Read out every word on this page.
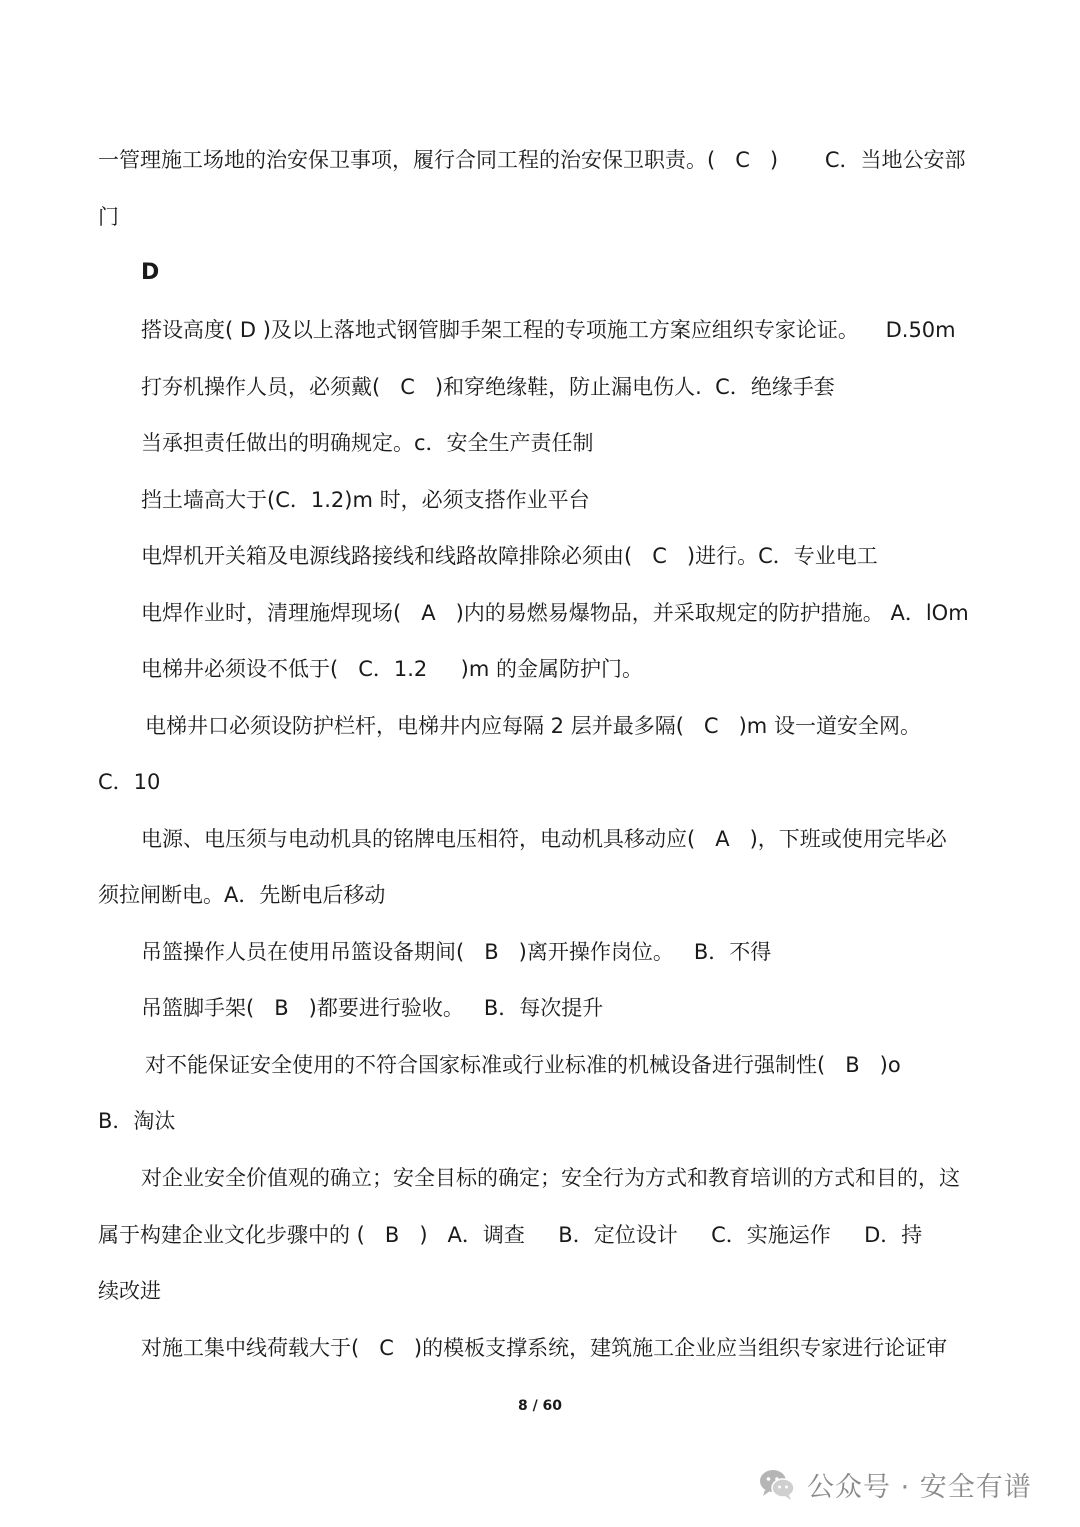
一管理施工场地的治安保卫事项，履行合同工程的治安保卫职责。(   C   )       C．当地公安部

门

D

搭设高度( D )及以上落地式钢管脚手架工程的专项施工方案应组织专家论证。    D.50m

打夯机操作人员，必须戴(   C   )和穿绝缘鞋，防止漏电伤人.  C．绝缘手套

当承担责任做出的明确规定。c．安全生产责任制

挡土墙高大于(C．1.2)m 时，必须支搭作业平台

电焊机开关箱及电源线路接线和线路故障排除必须由(   C   )进行。C．专业电工

电焊作业时，清理施焊现场(   A   )内的易燃易爆物品，并采取规定的防护措施。 A．lOm

电梯井必须设不低于(   C．1.2     )m 的金属防护门。

电梯井口必须设防护栏杆，电梯井内应每隔 2 层并最多隔(   C   )m 设一道安全网。

C．10

电源、电压须与电动机具的铭牌电压相符，电动机具移动应(   A   )，下班或使用完毕必

须拉闸断电。A．先断电后移动

吊篮操作人员在使用吊篮设备期间(   B   )离开操作岗位。   B．不得

吊篮脚手架(   B   )都要进行验收。   B．每次提升

对不能保证安全使用的不符合国家标准或行业标准的机械设备进行强制性(   B   )o

B．淘汰

对企业安全价值观的确立；安全目标的确定；安全行为方式和教育培训的方式和目的，这

属于构建企业文化步骤中的 (   B   )   A．调查     B．定位设计     C．实施运作     D．持

续改进

对施工集中线荷载大于(   C   )的模板支撑系统，建筑施工企业应当组织专家进行论证审

8 / 60
公众号 · 安全有谱
